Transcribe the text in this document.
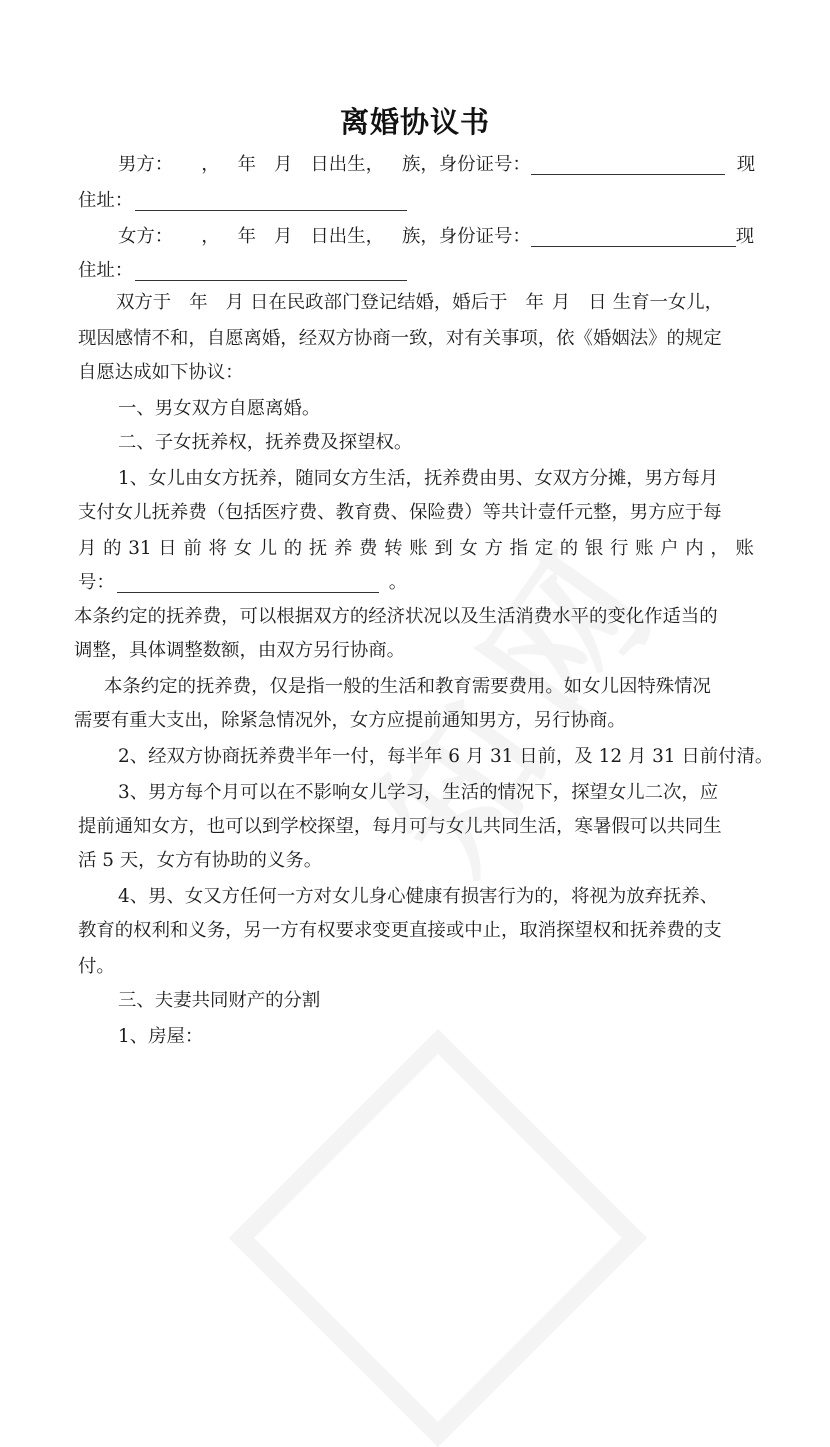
离婚协议书
男方： ， 年 月 日出生， 族，身份证号：	现
住址：
女方： ， 年 月 日出生， 族，身份证号：	现
住址：
双方于 年 月 日在民政部门登记结婚，婚后于 年 月 日 生育一女儿，
现因感情不和，自愿离婚，经双方协商一致，对有关事项，依《婚姻法》的规定
自愿达成如下协议：
一、男女双方自愿离婚。
二、子女抚养权，抚养费及探望权。
1、女儿由女方抚养，随同女方生活，抚养费由男、女双方分摊，男方每月
支付女儿抚养费（包括医疗费、教育费、保险费）等共计壹仟元整，男方应于每
月 的 31 日 前 将 女 儿 的 抚 养 费 转 账 到 女 方 指 定 的 银 行 账 户 内 ， 账
号：	。
本条约定的抚养费，可以根据双方的经济状况以及生活消费水平的变化作适当的
调整，具体调整数额，由双方另行协商。
本条约定的抚养费，仅是指一般的生活和教育需要费用。如女儿因特殊情况
需要有重大支出，除紧急情况外，女方应提前通知男方，另行协商。
2、经双方协商抚养费半年一付，每半年 6 月 31 日前，及 12 月 31 日前付清。
3、男方每个月可以在不影响女儿学习，生活的情况下，探望女儿二次，应
提前通知女方，也可以到学校探望，每月可与女儿共同生活，寒暑假可以共同生
活 5 天，女方有协助的义务。
4、男、女又方任何一方对女儿身心健康有损害行为的，将视为放弃抚养、
教育的权利和义务，另一方有权要求变更直接或中止，取消探望权和抚养费的支
付。
三、夫妻共同财产的分割
1、房屋：
